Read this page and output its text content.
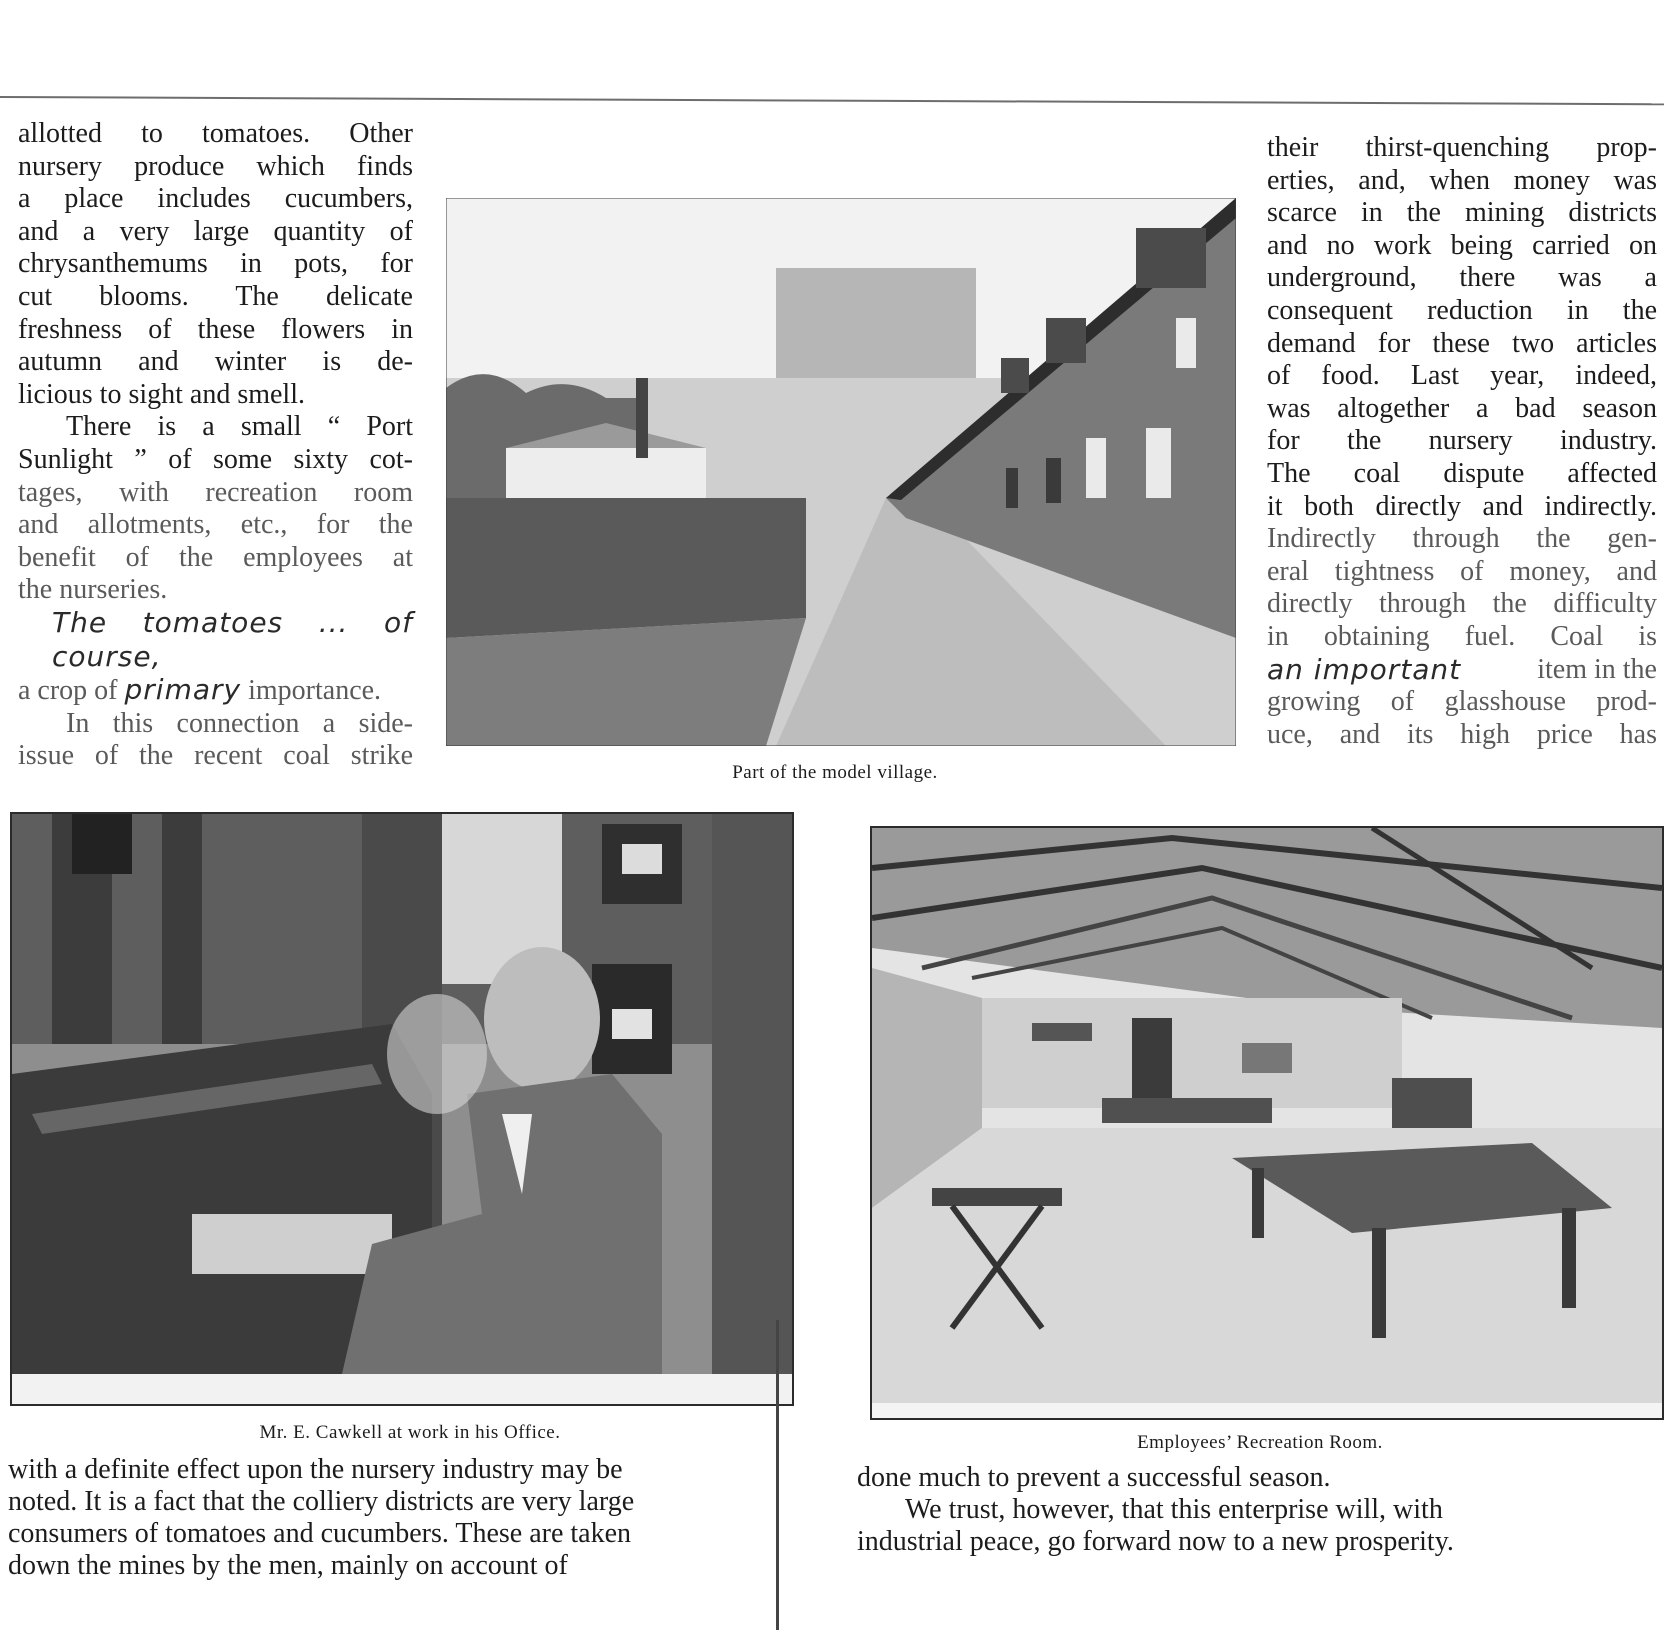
allotted to tomatoes. Other

nursery produce which finds

a place includes cucumbers,

and a very large quantity of

chrysanthemums in pots, for

cut blooms. The delicate

freshness of these flowers in

autumn and winter is de-

licious to sight and smell.

There is a small “ Port

Sunlight ” of some sixty cot-

tages, with recreation room

and allotments, etc., for the

benefit of the employees at

the nurseries.

The tomatoes ... of course,

a crop of primary importance.

In this connection a side-

issue of the recent coal strike

Part of the model village.

their thirst-quenching prop-

erties, and, when money was

scarce in the mining districts

and no work being carried on

underground, there was a

consequent reduction in the

demand for these two articles

of food. Last year, indeed,

was altogether a bad season

for the nursery industry.

The coal dispute affected

it both directly and indirectly.

Indirectly through the gen-

eral tightness of money, and

directly through the difficulty

in obtaining fuel. Coal is

an important	item in the

growing of glasshouse prod-

uce, and its high price has

Mr. E. Cawkell at work in his Office.	Employees’ Recreation Room.

with a definite effect upon the nursery industry may be

noted. It is a fact that the colliery districts are very large

consumers of tomatoes and cucumbers. These are taken

down the mines by the men, mainly on account of

done much to prevent a successful season.

We trust, however, that this enterprise will, with

industrial peace, go forward now to a new prosperity.
